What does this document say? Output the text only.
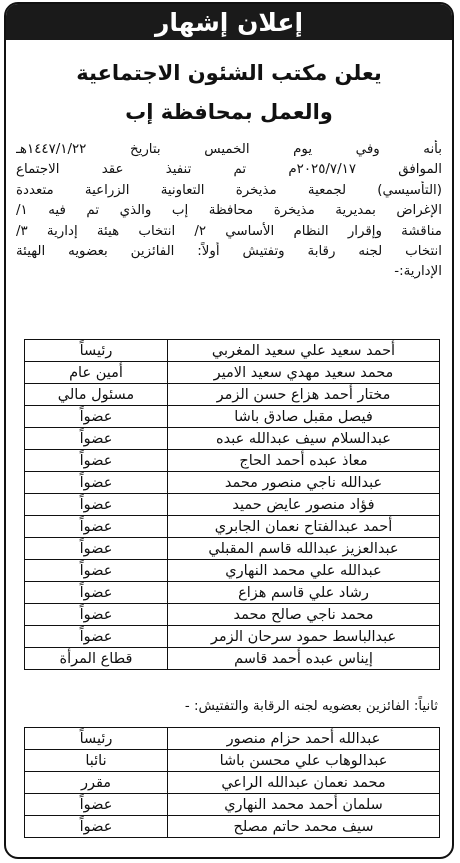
إعلان إشهار
يعلن مكتب الشئون الاجتماعية
والعمل بمحافظة إب
بأنه وفي يوم الخميس بتاريخ ١٤٤٧/١/٢٢هـ
الموافق ٢٠٢٥/٧/١٧م تم تنفيذ عقد الاجتماع
(التأسيسي) لجمعية مذيخرة التعاونية الزراعية متعددة
الإغراض بمديرية مذيخرة محافظة إب والذي تم فيه ١/
مناقشة وإقرار النظام الأساسي ٢/ انتخاب هيئة إدارية ٣/
انتخاب لجنه رقابة وتفتيش أولاً: الفائزين بعضويه الهيئة
الإدارية:-
أحمد سعيد علي سعيد المغربي	رئيساً
محمد سعيد مهدي سعيد الامير	أمين عام
مختار أحمد هزاع حسن الزمر	مسئول مالي
فيصل مقبل صادق باشا	عضواً
عبدالسلام سيف عبدالله عبده	عضواً
معاذ عبده أحمد الحاج	عضواً
عبدالله ناجي منصور محمد	عضواً
فؤاد منصور عايض حميد	عضواً
أحمد عبدالفتاح نعمان الجابري	عضواً
عبدالعزيز عبدالله قاسم المقبلي	عضواً
عبدالله علي محمد النهاري	عضواً
رشاد علي قاسم هزاع	عضواً
محمد ناجي صالح محمد	عضواً
عبدالباسط حمود سرحان الزمر	عضواً
إيناس عبده أحمد قاسم	قطاع المرأة
ثانياً: الفائزين بعضويه لجنه الرقابة والتفتيش: -
عبدالله أحمد حزام منصور	رئيساً
عبدالوهاب علي محسن باشا	نائبا
محمد نعمان عبدالله الراعي	مقرر
سلمان أحمد محمد النهاري	عضواً
سيف محمد حاتم مصلح	عضواً
